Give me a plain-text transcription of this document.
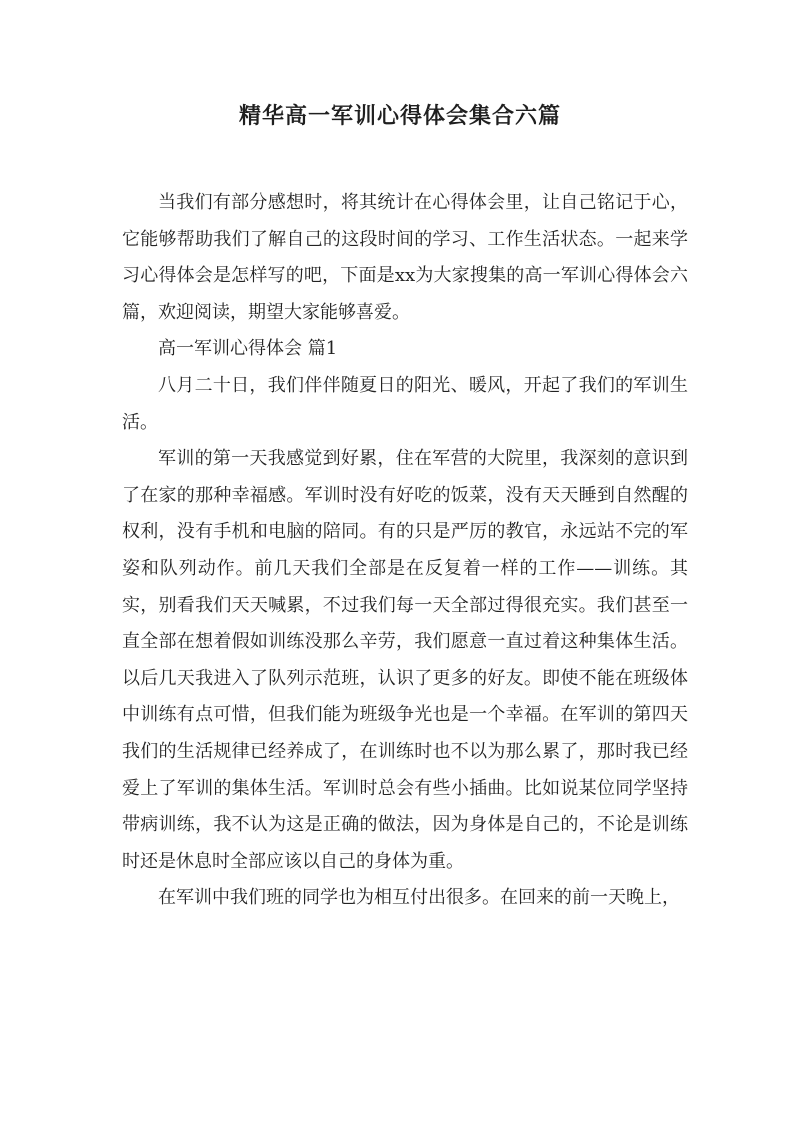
精华高一军训心得体会集合六篇

当我们有部分感想时，将其统计在心得体会里，让自己铭记于心，它能够帮助我们了解自己的这段时间的学习、工作生活状态。一起来学习心得体会是怎样写的吧，下面是xx为大家搜集的高一军训心得体会六篇，欢迎阅读，期望大家能够喜爱。

高一军训心得体会 篇1

八月二十日，我们伴伴随夏日的阳光、暖风，开起了我们的军训生活。

军训的第一天我感觉到好累，住在军营的大院里，我深刻的意识到了在家的那种幸福感。军训时没有好吃的饭菜，没有天天睡到自然醒的权利，没有手机和电脑的陪同。有的只是严厉的教官，永远站不完的军姿和队列动作。前几天我们全部是在反复着一样的工作——训练。其实，别看我们天天喊累，不过我们每一天全部过得很充实。我们甚至一直全部在想着假如训练没那么辛劳，我们愿意一直过着这种集体生活。以后几天我进入了队列示范班，认识了更多的好友。即使不能在班级体中训练有点可惜，但我们能为班级争光也是一个幸福。在军训的第四天我们的生活规律已经养成了，在训练时也不以为那么累了，那时我已经爱上了军训的集体生活。军训时总会有些小插曲。比如说某位同学坚持带病训练，我不认为这是正确的做法，因为身体是自己的，不论是训练时还是休息时全部应该以自己的身体为重。

在军训中我们班的同学也为相互付出很多。在回来的前一天晚上，
